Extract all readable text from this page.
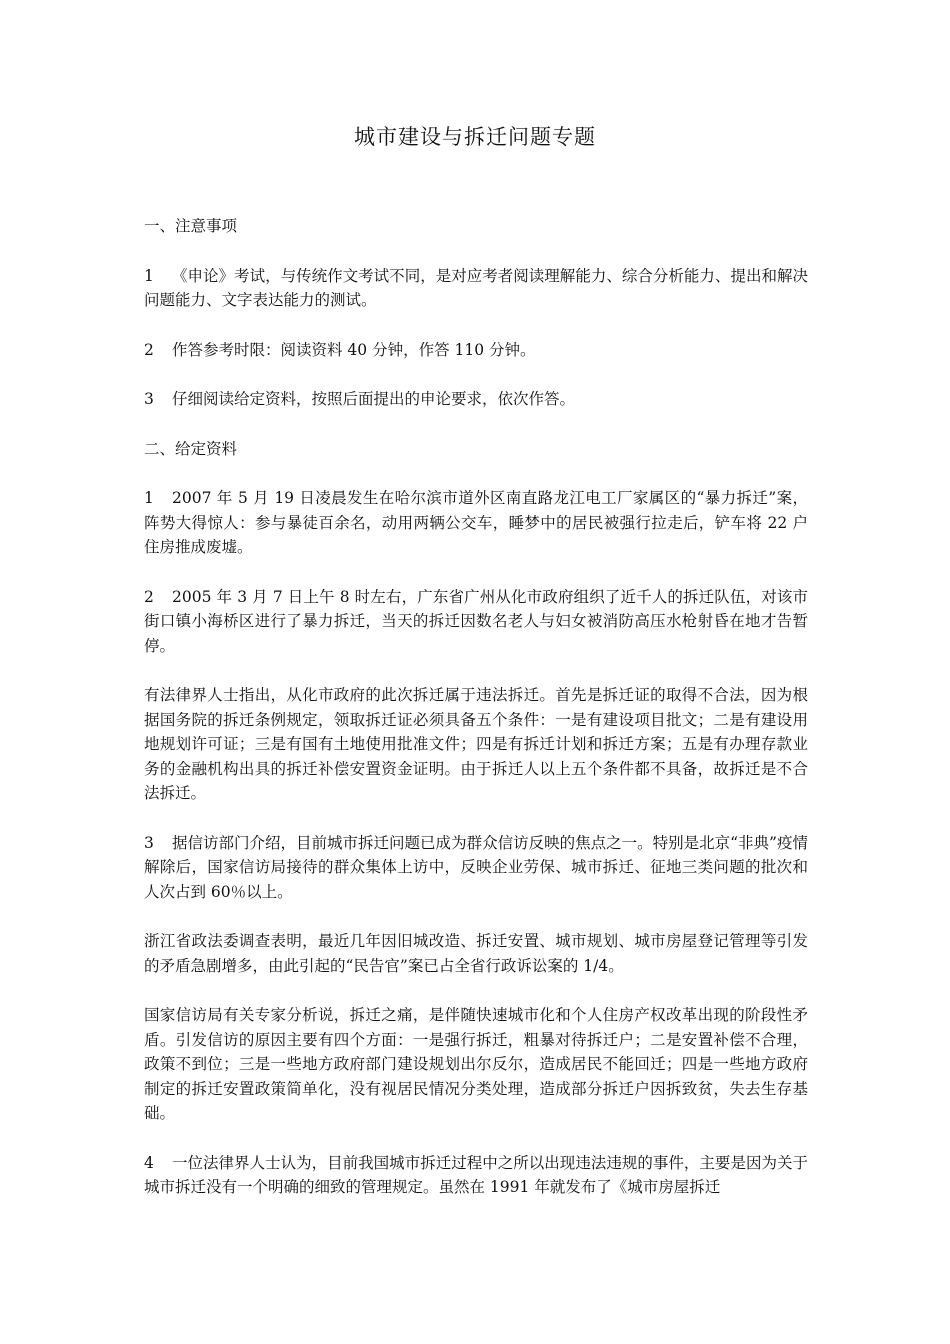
城市建设与拆迁问题专题

一、注意事项

1 《申论》考试，与传统作文考试不同，是对应考者阅读理解能力、综合分析能力、提出和解决问题能力、文字表达能力的测试。

2 作答参考时限：阅读资料 40 分钟，作答 110 分钟。

3 仔细阅读给定资料，按照后面提出的申论要求，依次作答。

二、给定资料

1 2007 年 5 月 19 日凌晨发生在哈尔滨市道外区南直路龙江电工厂家属区的“暴力拆迁”案，阵势大得惊人：参与暴徒百余名，动用两辆公交车，睡梦中的居民被强行拉走后，铲车将 22 户住房推成废墟。

2 2005 年 3 月 7 日上午 8 时左右，广东省广州从化市政府组织了近千人的拆迁队伍，对该市街口镇小海桥区进行了暴力拆迁，当天的拆迁因数名老人与妇女被消防高压水枪射昏在地才告暂停。

有法律界人士指出，从化市政府的此次拆迁属于违法拆迁。首先是拆迁证的取得不合法，因为根据国务院的拆迁条例规定，领取拆迁证必须具备五个条件：一是有建设项目批文；二是有建设用地规划许可证；三是有国有土地使用批准文件；四是有拆迁计划和拆迁方案；五是有办理存款业务的金融机构出具的拆迁补偿安置资金证明。由于拆迁人以上五个条件都不具备，故拆迁是不合法拆迁。

3 据信访部门介绍，目前城市拆迁问题已成为群众信访反映的焦点之一。特别是北京“非典”疫情解除后，国家信访局接待的群众集体上访中，反映企业劳保、城市拆迁、征地三类问题的批次和人次占到 60％以上。

浙江省政法委调查表明，最近几年因旧城改造、拆迁安置、城市规划、城市房屋登记管理等引发的矛盾急剧增多，由此引起的“民告官”案已占全省行政诉讼案的 1/4。

国家信访局有关专家分析说，拆迁之痛，是伴随快速城市化和个人住房产权改革出现的阶段性矛盾。引发信访的原因主要有四个方面：一是强行拆迁，粗暴对待拆迁户；二是安置补偿不合理，政策不到位；三是一些地方政府部门建设规划出尔反尔，造成居民不能回迁；四是一些地方政府制定的拆迁安置政策简单化，没有视居民情况分类处理，造成部分拆迁户因拆致贫，失去生存基础。

4 一位法律界人士认为，目前我国城市拆迁过程中之所以出现违法违规的事件，主要是因为关于城市拆迁没有一个明确的细致的管理规定。虽然在 1991 年就发布了《城市房屋拆迁
